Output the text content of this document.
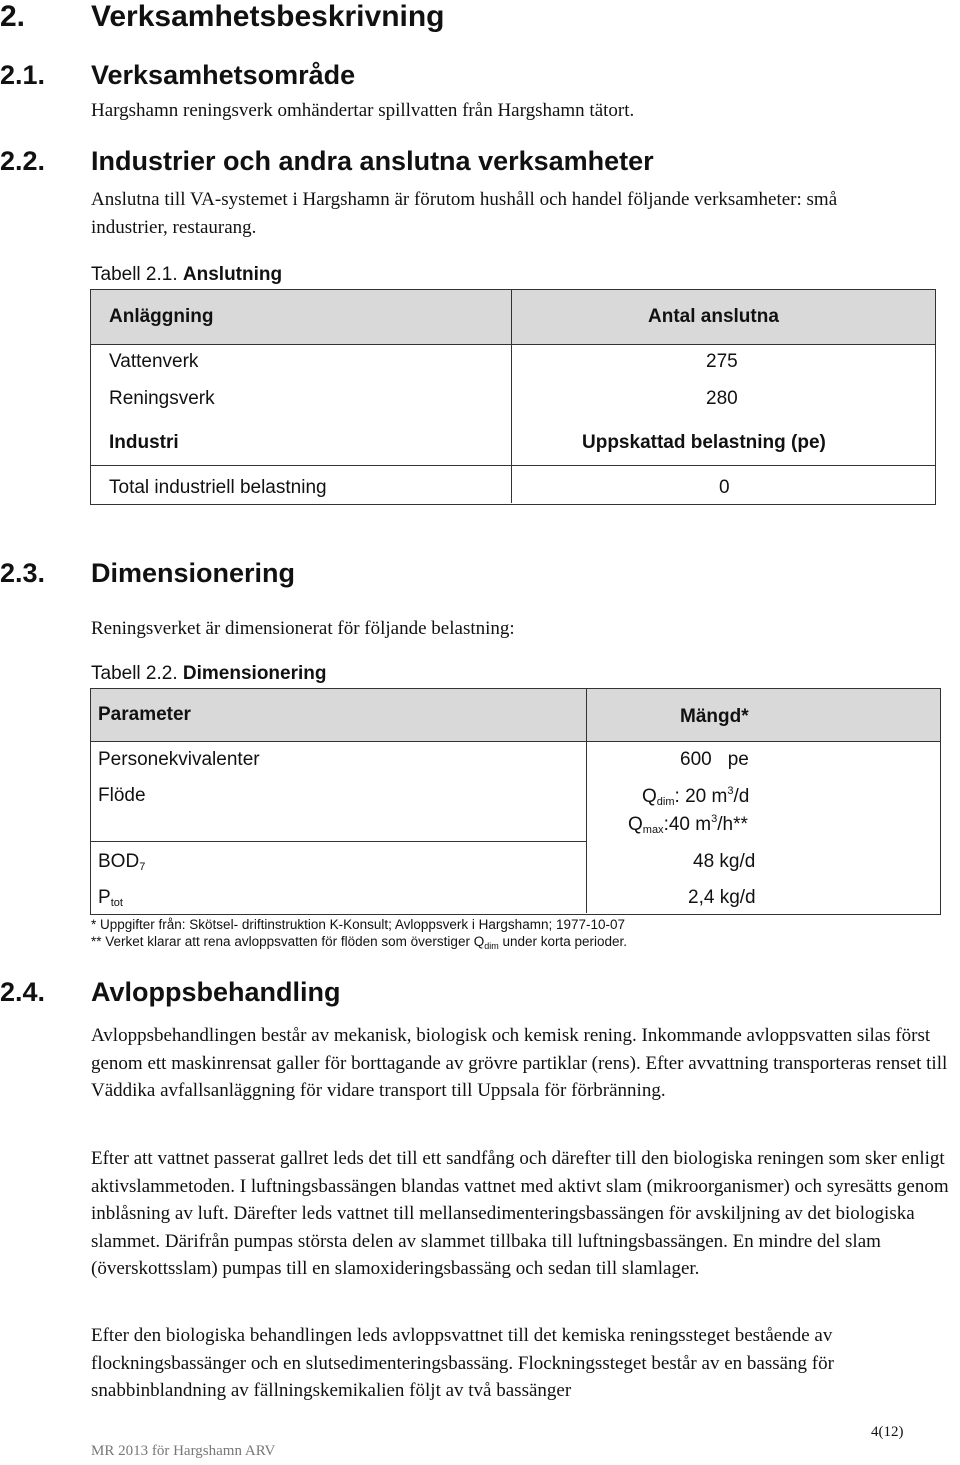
2. Verksamhetsbeskrivning
2.1. Verksamhetsområde
Hargshamn reningsverk omhändertar spillvatten från Hargshamn tätort.
2.2. Industrier och andra anslutna verksamheter
Anslutna till VA-systemet i Hargshamn är förutom hushåll och handel följande verksamheter: små industrier, restaurang.
Tabell 2.1. Anslutning
Anläggning	Antal anslutna
Vattenverk	275
Reningsverk	280
Industri	Uppskattad belastning (pe)
Total industriell belastning	0
2.3. Dimensionering
Reningsverket är dimensionerat för följande belastning:
Tabell 2.2. Dimensionering
Parameter	Mängd*
Personekvivalenter	600 pe
Flöde	$Q_{dim}$: 20 $m^3/d$
$Q_{max}:40$ $m^3/h**$
$BOD_7$	48 kg/d
$P_{tot}$	2,4 kg/d
* Uppgifter från: Skötsel- driftinstruktion K-Konsult; Avloppsverk i Hargshamn; 1977-10-07
** Verket klarar att rena avloppsvatten för flöden som överstiger $Q_{dim}$ under korta perioder.
2.4. Avloppsbehandling
Avloppsbehandlingen består av mekanisk, biologisk och kemisk rening. Inkommande avloppsvatten silas först genom ett maskinrensat galler för borttagande av grövre partiklar (rens). Efter avvattning transporteras renset till Väddika avfallsanläggning för vidare transport till Uppsala för förbränning.
Efter att vattnet passerat gallret leds det till ett sandfång och därefter till den biologiska reningen som sker enligt aktivslammetoden. I luftningsbassängen blandas vattnet med aktivt slam (mikroorganismer) och syresätts genom inblåsning av luft. Därefter leds vattnet till mellansedimenteringsbassängen för avskiljning av det biologiska slammet. Därifrån pumpas största delen av slammet tillbaka till luftningsbassängen. En mindre del slam (överskottsslam) pumpas till en slamoxideringsbassäng och sedan till slamlager.
Efter den biologiska behandlingen leds avloppsvattnet till det kemiska reningssteget bestående av flockningsbassänger och en slutsedimenteringsbassäng. Flockningssteget består av en bassäng för snabbinblandning av fällningskemikalien följt av två bassänger
4(12)
MR 2013 för Hargshamn ARV
